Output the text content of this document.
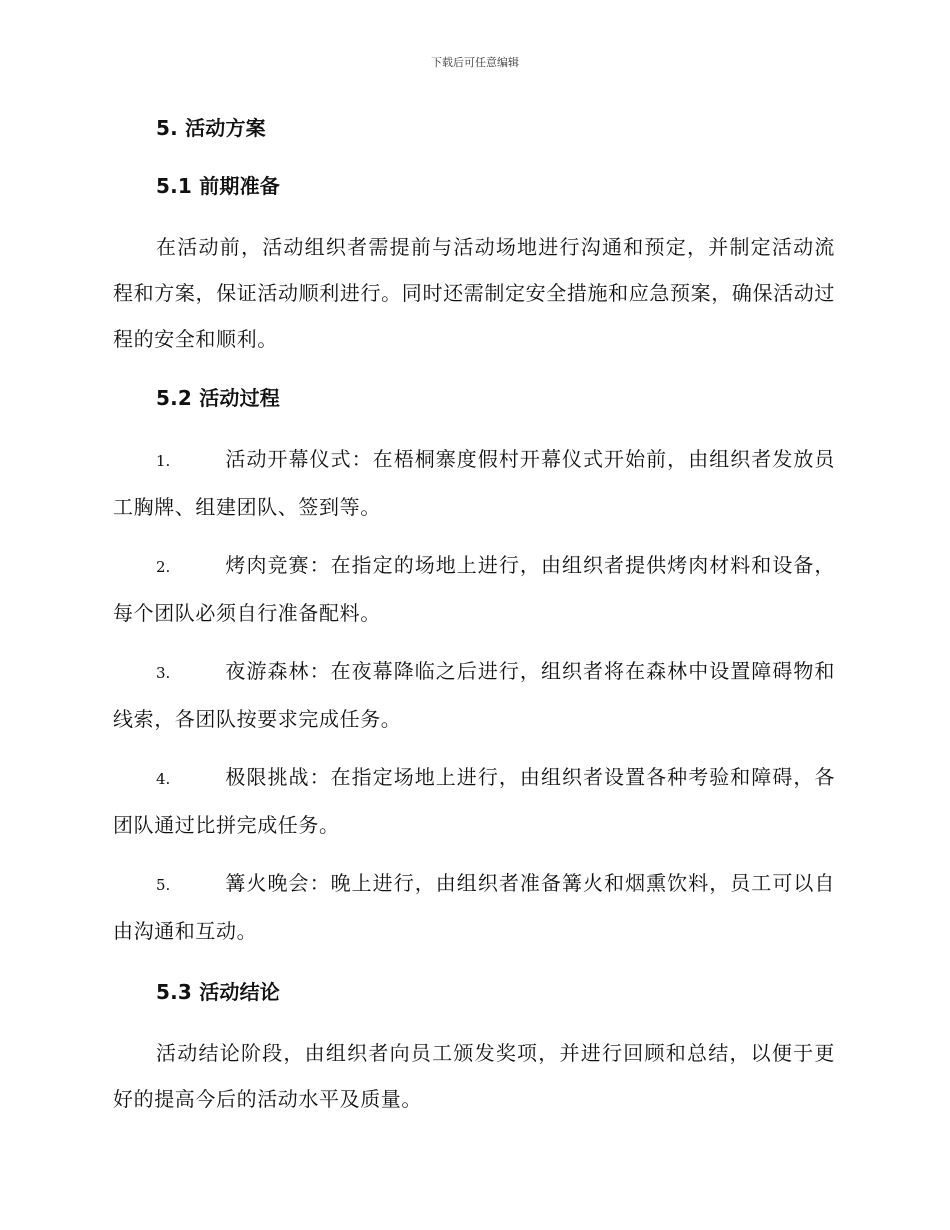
下载后可任意编辑
5. 活动方案
5.1 前期准备

在活动前，活动组织者需提前与活动场地进行沟通和预定，并制定活动流程和方案，保证活动顺利进行。同时还需制定安全措施和应急预案，确保活动过程的安全和顺利。

5.2 活动过程
1.	活动开幕仪式：在梧桐寨度假村开幕仪式开始前，由组织者发放员工胸牌、组建团队、签到等。
2.	烤肉竞赛：在指定的场地上进行，由组织者提供烤肉材料和设备，每个团队必须自行准备配料。
3.	夜游森林：在夜幕降临之后进行，组织者将在森林中设置障碍物和线索，各团队按要求完成任务。
4.	极限挑战：在指定场地上进行，由组织者设置各种考验和障碍，各团队通过比拼完成任务。
5.	篝火晚会：晚上进行，由组织者准备篝火和烟熏饮料，员工可以自由沟通和互动。
5.3 活动结论

活动结论阶段，由组织者向员工颁发奖项，并进行回顾和总结，以便于更好的提高今后的活动水平及质量。
